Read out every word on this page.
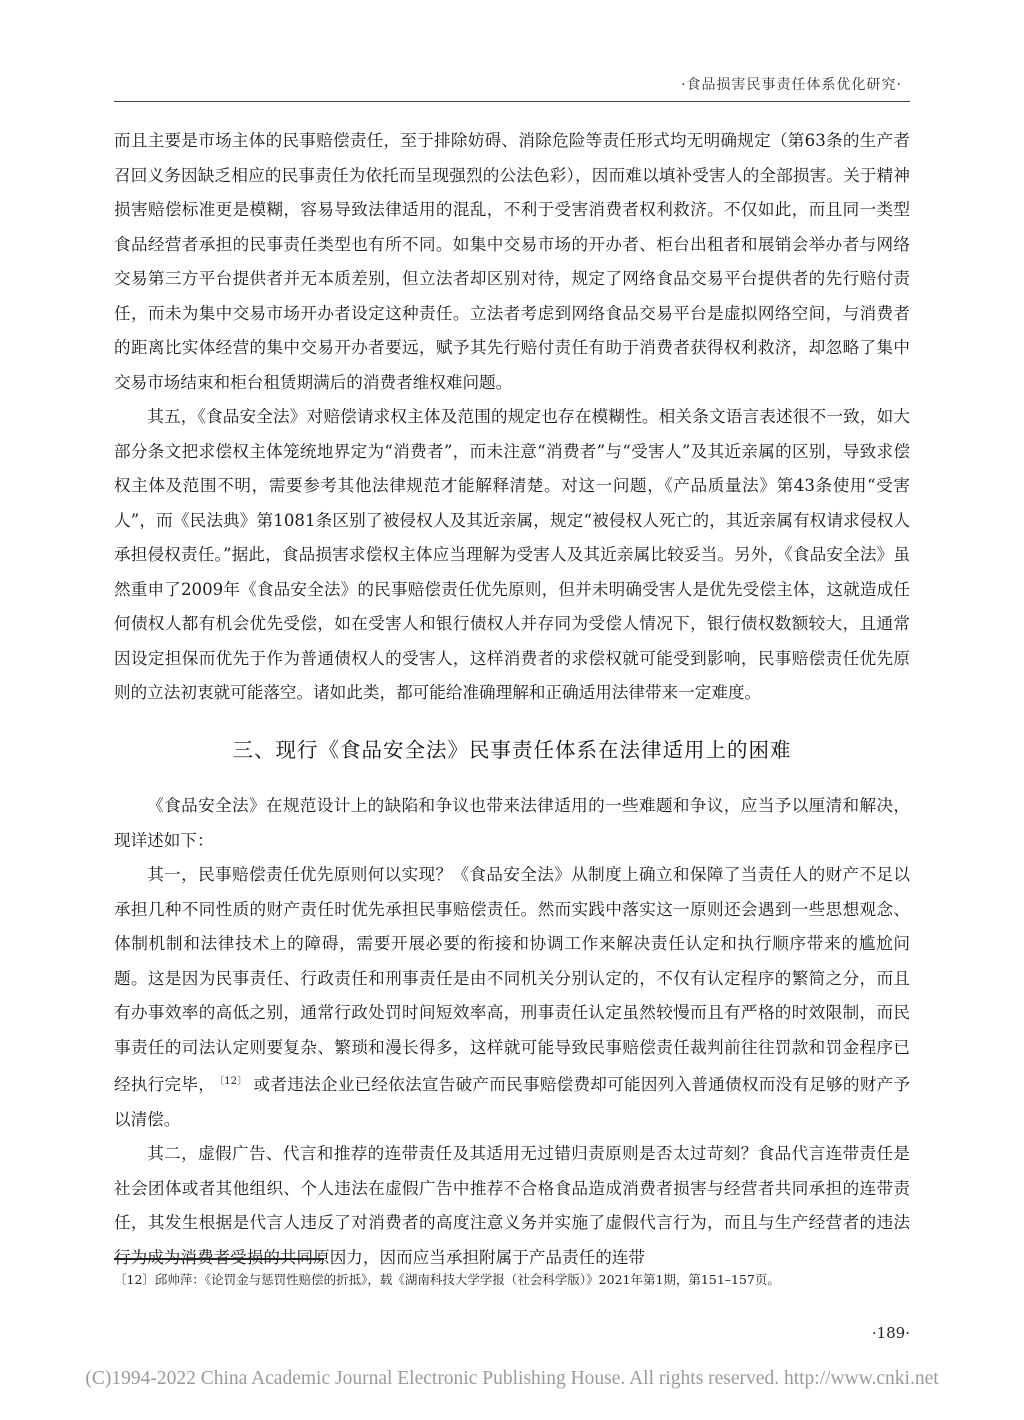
·食品损害民事责任体系优化研究·

而且主要是市场主体的民事赔偿责任，至于排除妨碍、消除危险等责任形式均无明确规定（第63条的生产者召回义务因缺乏相应的民事责任为依托而呈现强烈的公法色彩），因而难以填补受害人的全部损害。关于精神损害赔偿标准更是模糊，容易导致法律适用的混乱，不利于受害消费者权利救济。不仅如此，而且同一类型食品经营者承担的民事责任类型也有所不同。如集中交易市场的开办者、柜台出租者和展销会举办者与网络交易第三方平台提供者并无本质差别，但立法者却区别对待，规定了网络食品交易平台提供者的先行赔付责任，而未为集中交易市场开办者设定这种责任。立法者考虑到网络食品交易平台是虚拟网络空间，与消费者的距离比实体经营的集中交易开办者要远，赋予其先行赔付责任有助于消费者获得权利救济，却忽略了集中交易市场结束和柜台租赁期满后的消费者维权难问题。

其五，《食品安全法》对赔偿请求权主体及范围的规定也存在模糊性。相关条文语言表述很不一致，如大部分条文把求偿权主体笼统地界定为“消费者”，而未注意“消费者”与“受害人”及其近亲属的区别，导致求偿权主体及范围不明，需要参考其他法律规范才能解释清楚。对这一问题，《产品质量法》第43条使用“受害人”，而《民法典》第1081条区别了被侵权人及其近亲属，规定“被侵权人死亡的，其近亲属有权请求侵权人承担侵权责任。”据此，食品损害求偿权主体应当理解为受害人及其近亲属比较妥当。另外，《食品安全法》虽然重申了2009年《食品安全法》的民事赔偿责任优先原则，但并未明确受害人是优先受偿主体，这就造成任何债权人都有机会优先受偿，如在受害人和银行债权人并存同为受偿人情况下，银行债权数额较大，且通常因设定担保而优先于作为普通债权人的受害人，这样消费者的求偿权就可能受到影响，民事赔偿责任优先原则的立法初衷就可能落空。诸如此类，都可能给准确理解和正确适用法律带来一定难度。

三、现行《食品安全法》民事责任体系在法律适用上的困难

《食品安全法》在规范设计上的缺陷和争议也带来法律适用的一些难题和争议，应当予以厘清和解决，现详述如下：

其一，民事赔偿责任优先原则何以实现？《食品安全法》从制度上确立和保障了当责任人的财产不足以承担几种不同性质的财产责任时优先承担民事赔偿责任。然而实践中落实这一原则还会遇到一些思想观念、体制机制和法律技术上的障碍，需要开展必要的衔接和协调工作来解决责任认定和执行顺序带来的尴尬问题。这是因为民事责任、行政责任和刑事责任是由不同机关分别认定的，不仅有认定程序的繁简之分，而且有办事效率的高低之别，通常行政处罚时间短效率高，刑事责任认定虽然较慢而且有严格的时效限制，而民事责任的司法认定则要复杂、繁琐和漫长得多，这样就可能导致民事赔偿责任裁判前往往罚款和罚金程序已经执行完毕， $^{〔12〕}$ 或者违法企业已经依法宣告破产而民事赔偿费却可能因列入普通债权而没有足够的财产予以清偿。

其二，虚假广告、代言和推荐的连带责任及其适用无过错归责原则是否太过苛刻？食品代言连带责任是社会团体或者其他组织、个人违法在虚假广告中推荐不合格食品造成消费者损害与经营者共同承担的连带责任，其发生根据是代言人违反了对消费者的高度注意义务并实施了虚假代言行为，而且与生产经营者的违法行为成为消费者受损的共同原因力，因而应当承担附属于产品责任的连带

〔12〕邱帅萍：《论罚金与惩罚性赔偿的折抵》，载《湖南科技大学学报（社会科学版）》2021年第1期，第151–157页。
·189·
(C)1994-2022 China Academic Journal Electronic Publishing House. All rights reserved. http://www.cnki.net
